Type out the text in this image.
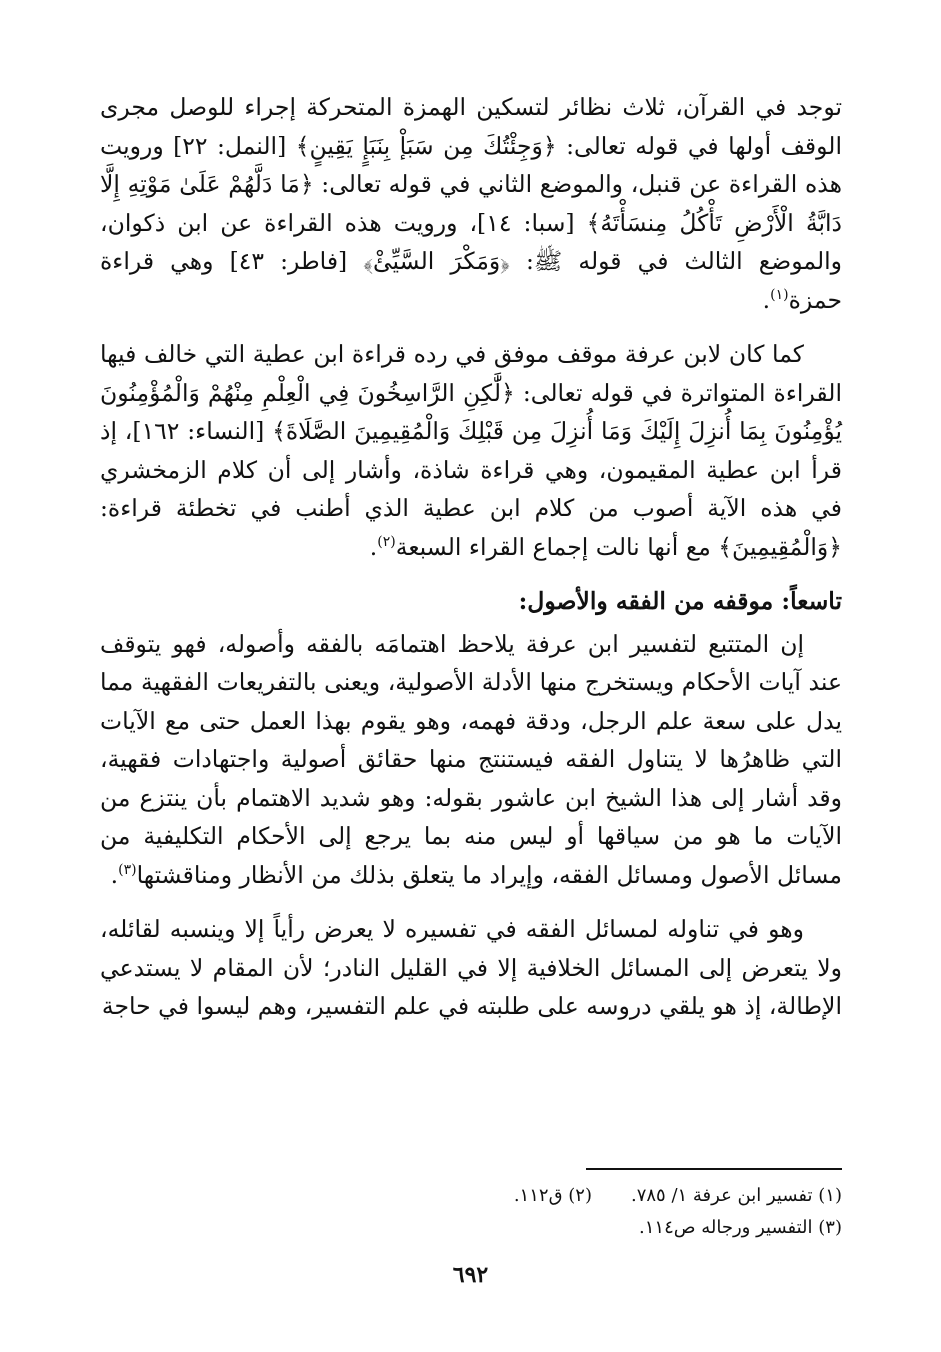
توجد في القرآن، ثلاث نظائر لتسكين الهمزة المتحركة إجراء للوصل مجرى الوقف أولها في قوله تعالى: ﴿وَجِئْتُكَ مِن سَبَإْ بِنَبَإٍ يَقِينٍ﴾ [النمل: ٢٢] ورويت هذه القراءة عن قنبل، والموضع الثاني في قوله تعالى: ﴿مَا دَلَّهُمْ عَلَىٰ مَوْتِهِ إِلَّا دَابَّةُ الْأَرْضِ تَأْكُلُ مِنسَأْتَهُ﴾ [سبا: ١٤]، ورويت هذه القراءة عن ابن ذكوان، والموضع الثالث في قوله ﷺ: ﴿وَمَكْرَ السَّيِّئْ﴾ [فاطر: ٤٣] وهي قراءة حمزة$^{(١)}$.

كما كان لابن عرفة موقف موفق في رده قراءة ابن عطية التي خالف فيها القراءة المتواترة في قوله تعالى: ﴿لَّٰكِنِ الرَّاسِخُونَ فِي الْعِلْمِ مِنْهُمْ وَالْمُؤْمِنُونَ يُؤْمِنُونَ بِمَا أُنزِلَ إِلَيْكَ وَمَا أُنزِلَ مِن قَبْلِكَ وَالْمُقِيمِينَ الصَّلَاةَ﴾ [النساء: ١٦٢]، إذ قرأ ابن عطية المقيمون، وهي قراءة شاذة، وأشار إلى أن كلام الزمخشري في هذه الآية أصوب من كلام ابن عطية الذي أطنب في تخطئة قراءة: ﴿وَالْمُقِيمِينَ﴾ مع أنها نالت إجماع القراء السبعة$^{(٢)}$.

تاسعاً: موقفه من الفقه والأصول:

إن المتتبع لتفسير ابن عرفة يلاحظ اهتمامَه بالفقه وأصوله، فهو يتوقف عند آيات الأحكام ويستخرج منها الأدلة الأصولية، ويعنى بالتفريعات الفقهية مما يدل على سعة علم الرجل، ودقة فهمه، وهو يقوم بهذا العمل حتى مع الآيات التي ظاهرُها لا يتناول الفقه فيستنتج منها حقائق أصولية واجتهادات فقهية، وقد أشار إلى هذا الشيخ ابن عاشور بقوله: وهو شديد الاهتمام بأن ينتزع من الآيات ما هو من سياقها أو ليس منه بما يرجع إلى الأحكام التكليفية من مسائل الأصول ومسائل الفقه، وإيراد ما يتعلق بذلك من الأنظار ومناقشتها$^{(٣)}$.

وهو في تناوله لمسائل الفقه في تفسيره لا يعرض رأياً إلا وينسبه لقائله، ولا يتعرض إلى المسائل الخلافية إلا في القليل النادر؛ لأن المقام لا يستدعي الإطالة، إذ هو يلقي دروسه على طلبته في علم التفسير، وهم ليسوا في حاجة

(١) تفسير ابن عرفة ١/ ٧٨٥.
(٢) ق١١٢.
(٣) التفسير ورجاله ص١١٤.
٦٩٢
